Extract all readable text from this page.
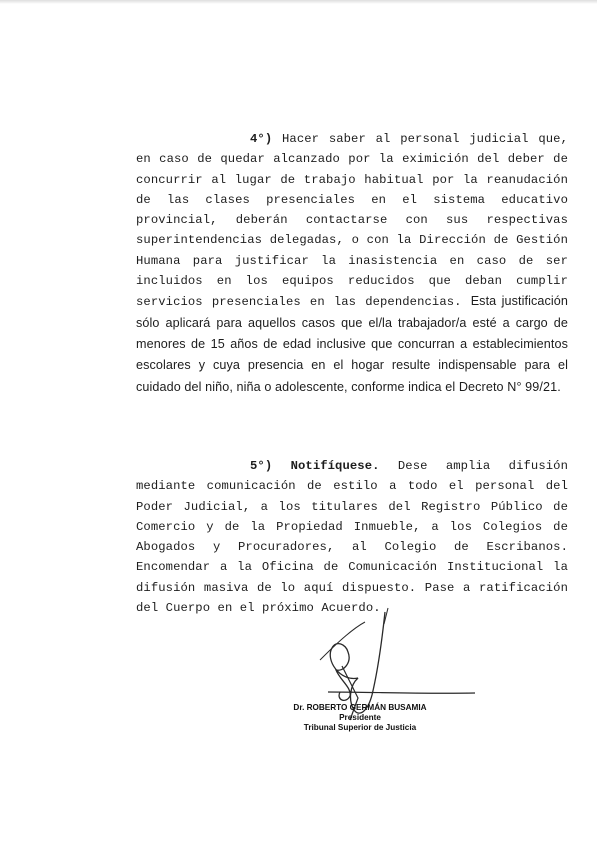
4°) Hacer saber al personal judicial que, en caso de quedar alcanzado por la eximición del deber de concurrir al lugar de trabajo habitual por la reanudación de las clases presenciales en el sistema educativo provincial, deberán contactarse con sus respectivas superintendencias delegadas, o con la Dirección de Gestión Humana para justificar la inasistencia en caso de ser incluidos en los equipos reducidos que deban cumplir servicios presenciales en las dependencias. Esta justificación sólo aplicará para aquellos casos que el/la trabajador/a esté a cargo de menores de 15 años de edad inclusive que concurran a establecimientos escolares y cuya presencia en el hogar resulte indispensable para el cuidado del niño, niña o adolescente, conforme indica el Decreto N° 99/21.

5°) Notifíquese. Dese amplia difusión mediante comunicación de estilo a todo el personal del Poder Judicial, a los titulares del Registro Público de Comercio y de la Propiedad Inmueble, a los Colegios de Abogados y Procuradores, al Colegio de Escribanos. Encomendar a la Oficina de Comunicación Institucional la difusión masiva de lo aquí dispuesto. Pase a ratificación del Cuerpo en el próximo Acuerdo.

Dr. ROBERTO GERMÁN BUSAMIA
Presidente
Tribunal Superior de Justicia
